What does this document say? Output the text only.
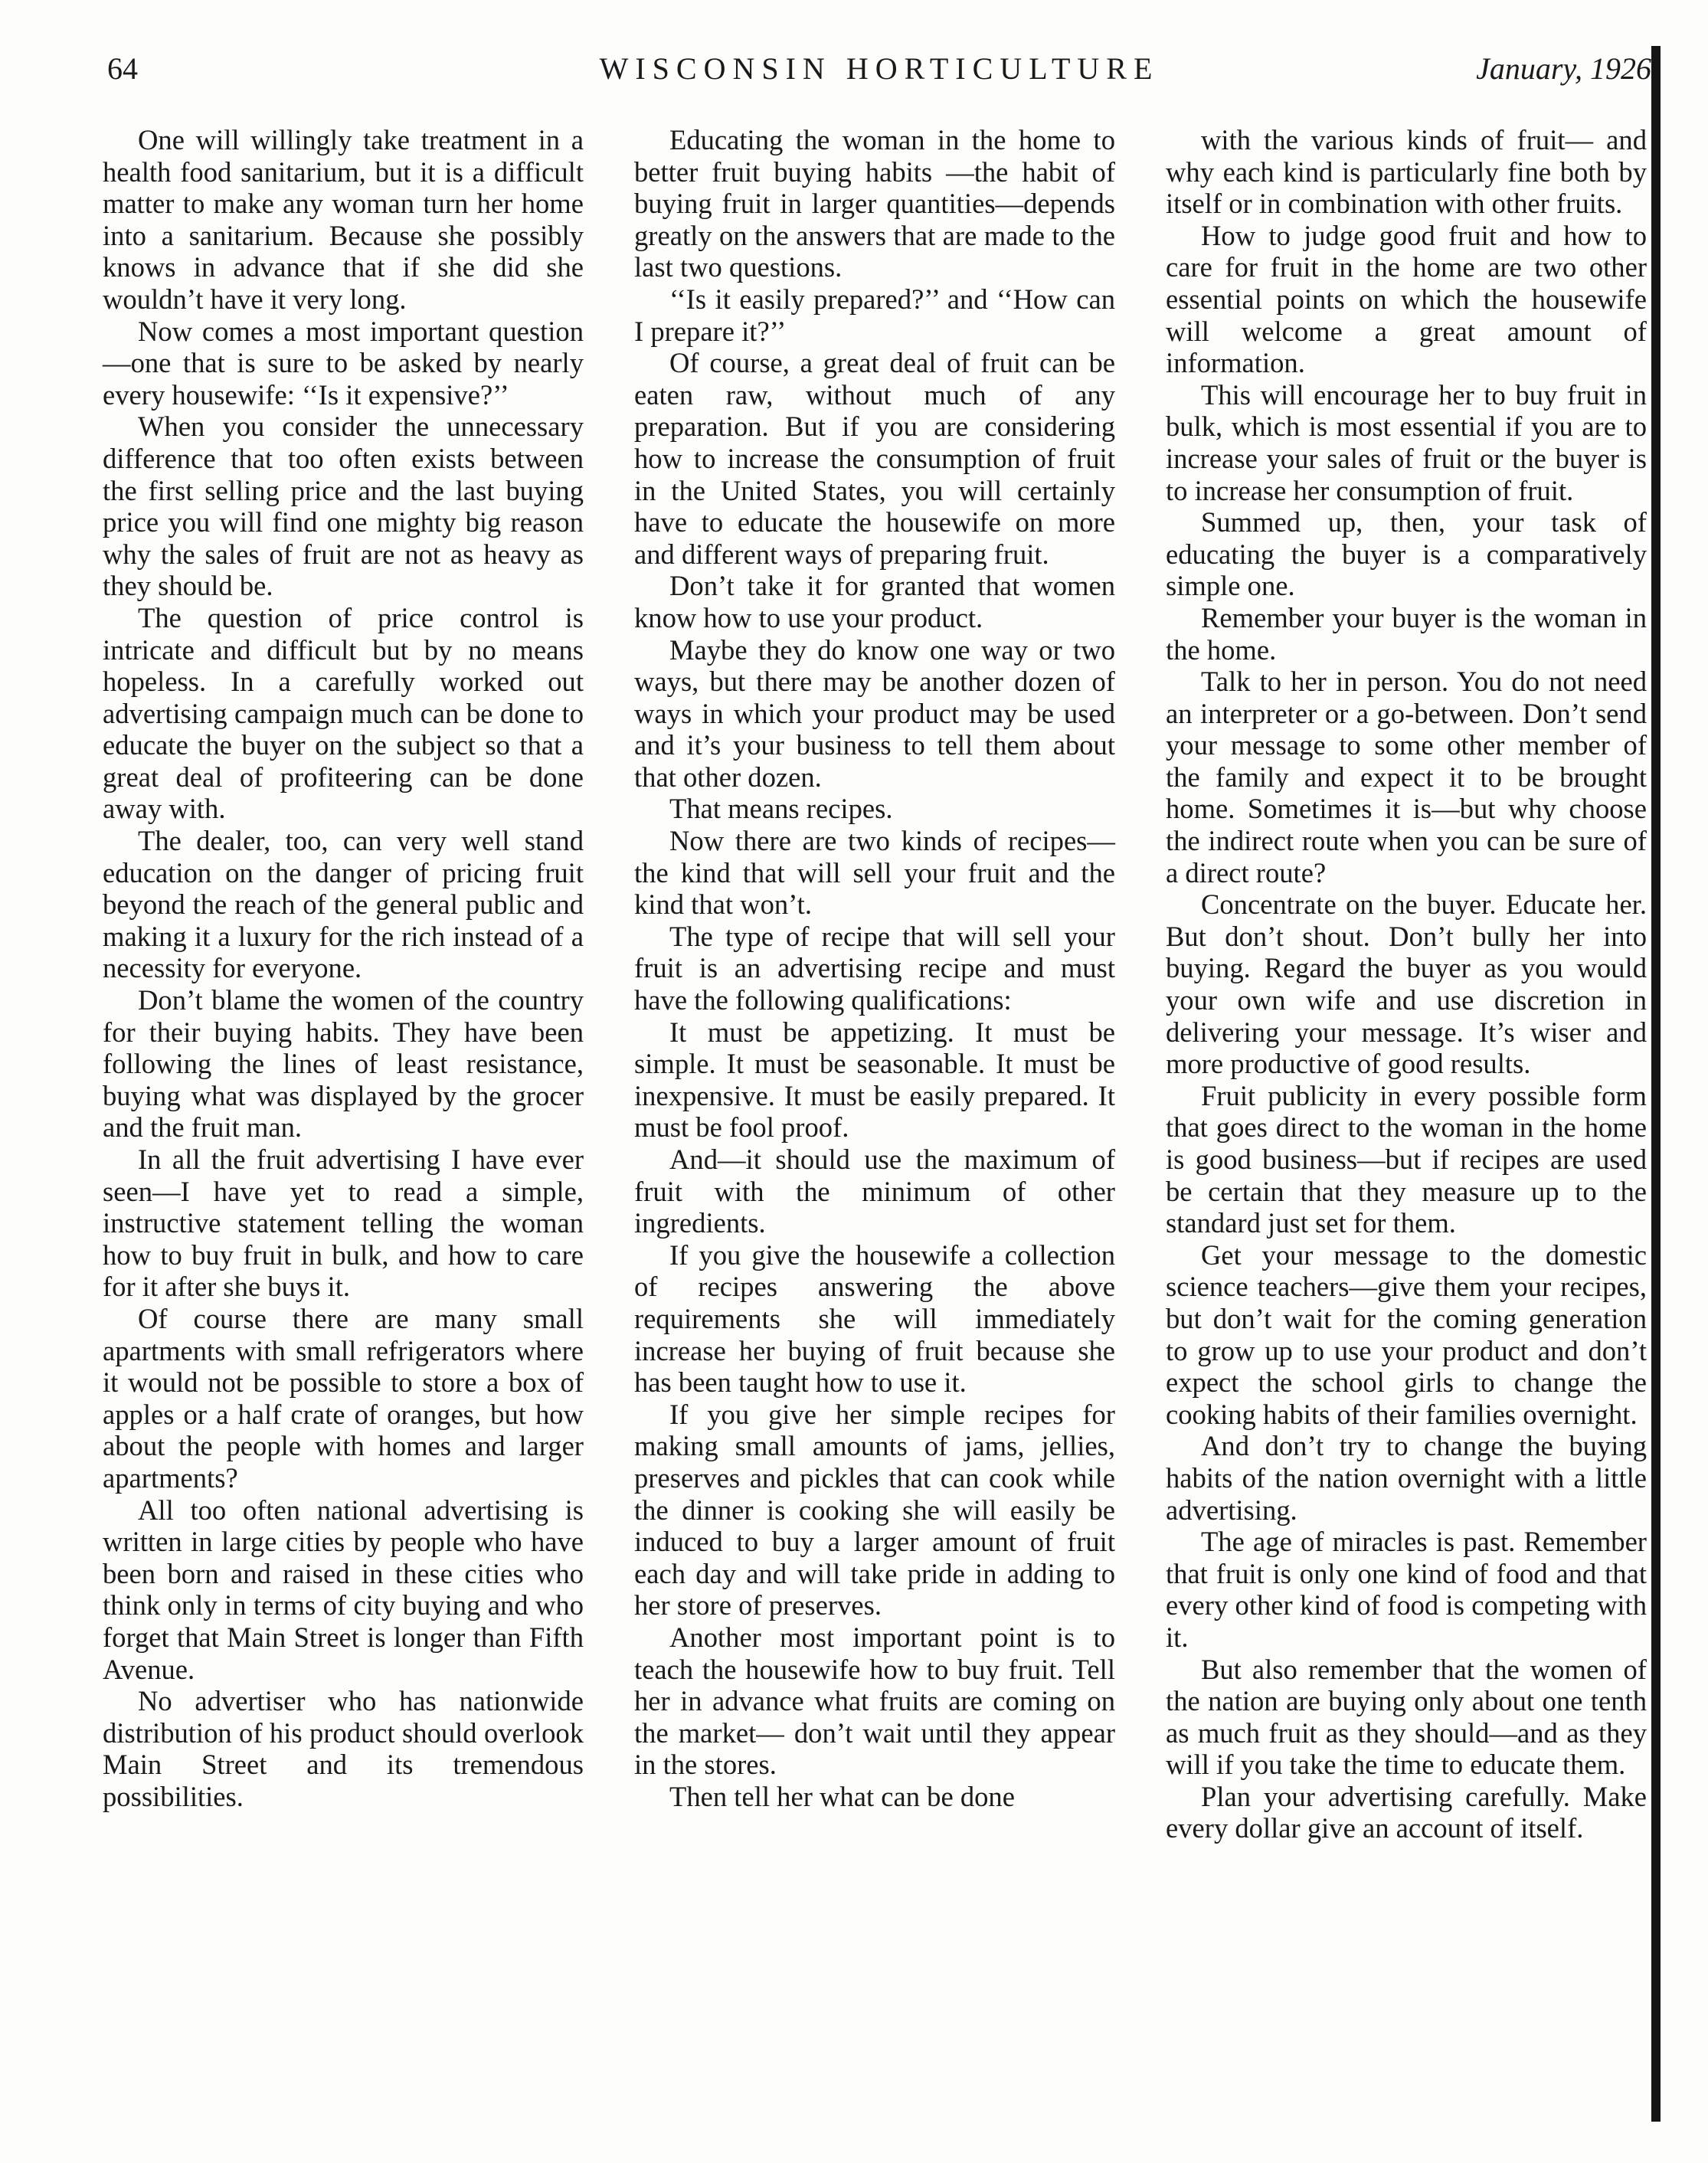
64	WISCONSIN HORTICULTURE	January, 1926

One will willingly take treatment in a health food sanitarium, but it is a difficult matter to make any woman turn her home into a sanitarium. Because she possibly knows in advance that if she did she wouldn’t have it very long.

Now comes a most important question—one that is sure to be asked by nearly every housewife: ‘‘Is it expensive?’’

When you consider the unnecessary difference that too often exists between the first selling price and the last buying price you will find one mighty big reason why the sales of fruit are not as heavy as they should be.

The question of price control is intricate and difficult but by no means hopeless. In a carefully worked out advertising campaign much can be done to educate the buyer on the subject so that a great deal of profiteering can be done away with.

The dealer, too, can very well stand education on the danger of pricing fruit beyond the reach of the general public and making it a luxury for the rich instead of a necessity for everyone.

Don’t blame the women of the country for their buying habits. They have been following the lines of least resistance, buying what was displayed by the grocer and the fruit man.

In all the fruit advertising I have ever seen—I have yet to read a simple, instructive statement telling the woman how to buy fruit in bulk, and how to care for it after she buys it.

Of course there are many small apartments with small refrigerators where it would not be possible to store a box of apples or a half crate of oranges, but how about the people with homes and larger apartments?

All too often national advertising is written in large cities by people who have been born and raised in these cities who think only in terms of city buying and who forget that Main Street is longer than Fifth Avenue.

No advertiser who has nationwide distribution of his product should overlook Main Street and its tremendous possibilities.

Educating the woman in the home to better fruit buying habits —the habit of buying fruit in larger quantities—depends greatly on the answers that are made to the last two questions.

‘‘Is it easily prepared?’’ and ‘‘How can I prepare it?’’

Of course, a great deal of fruit can be eaten raw, without much of any preparation. But if you are considering how to increase the consumption of fruit in the United States, you will certainly have to educate the housewife on more and different ways of preparing fruit.

Don’t take it for granted that women know how to use your product.

Maybe they do know one way or two ways, but there may be another dozen of ways in which your product may be used and it’s your business to tell them about that other dozen.

That means recipes.

Now there are two kinds of recipes—the kind that will sell your fruit and the kind that won’t.

The type of recipe that will sell your fruit is an advertising recipe and must have the following qualifications:

It must be appetizing. It must be simple. It must be seasonable. It must be inexpensive. It must be easily prepared. It must be fool proof.

And—it should use the maximum of fruit with the minimum of other ingredients.

If you give the housewife a collection of recipes answering the above requirements she will immediately increase her buying of fruit because she has been taught how to use it.

If you give her simple recipes for making small amounts of jams, jellies, preserves and pickles that can cook while the dinner is cooking she will easily be induced to buy a larger amount of fruit each day and will take pride in adding to her store of preserves.

Another most important point is to teach the housewife how to buy fruit. Tell her in advance what fruits are coming on the market— don’t wait until they appear in the stores.

Then tell her what can be done

with the various kinds of fruit— and why each kind is particularly fine both by itself or in combination with other fruits.

How to judge good fruit and how to care for fruit in the home are two other essential points on which the housewife will welcome a great amount of information.

This will encourage her to buy fruit in bulk, which is most essential if you are to increase your sales of fruit or the buyer is to increase her consumption of fruit.

Summed up, then, your task of educating the buyer is a comparatively simple one.

Remember your buyer is the woman in the home.

Talk to her in person. You do not need an interpreter or a go-between. Don’t send your message to some other member of the family and expect it to be brought home. Sometimes it is—but why choose the indirect route when you can be sure of a direct route?

Concentrate on the buyer. Educate her. But don’t shout. Don’t bully her into buying. Regard the buyer as you would your own wife and use discretion in delivering your message. It’s wiser and more productive of good results.

Fruit publicity in every possible form that goes direct to the woman in the home is good business—but if recipes are used be certain that they measure up to the standard just set for them.

Get your message to the domestic science teachers—give them your recipes, but don’t wait for the coming generation to grow up to use your product and don’t expect the school girls to change the cooking habits of their families overnight.

And don’t try to change the buying habits of the nation overnight with a little advertising.

The age of miracles is past. Remember that fruit is only one kind of food and that every other kind of food is competing with it.

But also remember that the women of the nation are buying only about one tenth as much fruit as they should—and as they will if you take the time to educate them.

Plan your advertising carefully. Make every dollar give an account of itself.
